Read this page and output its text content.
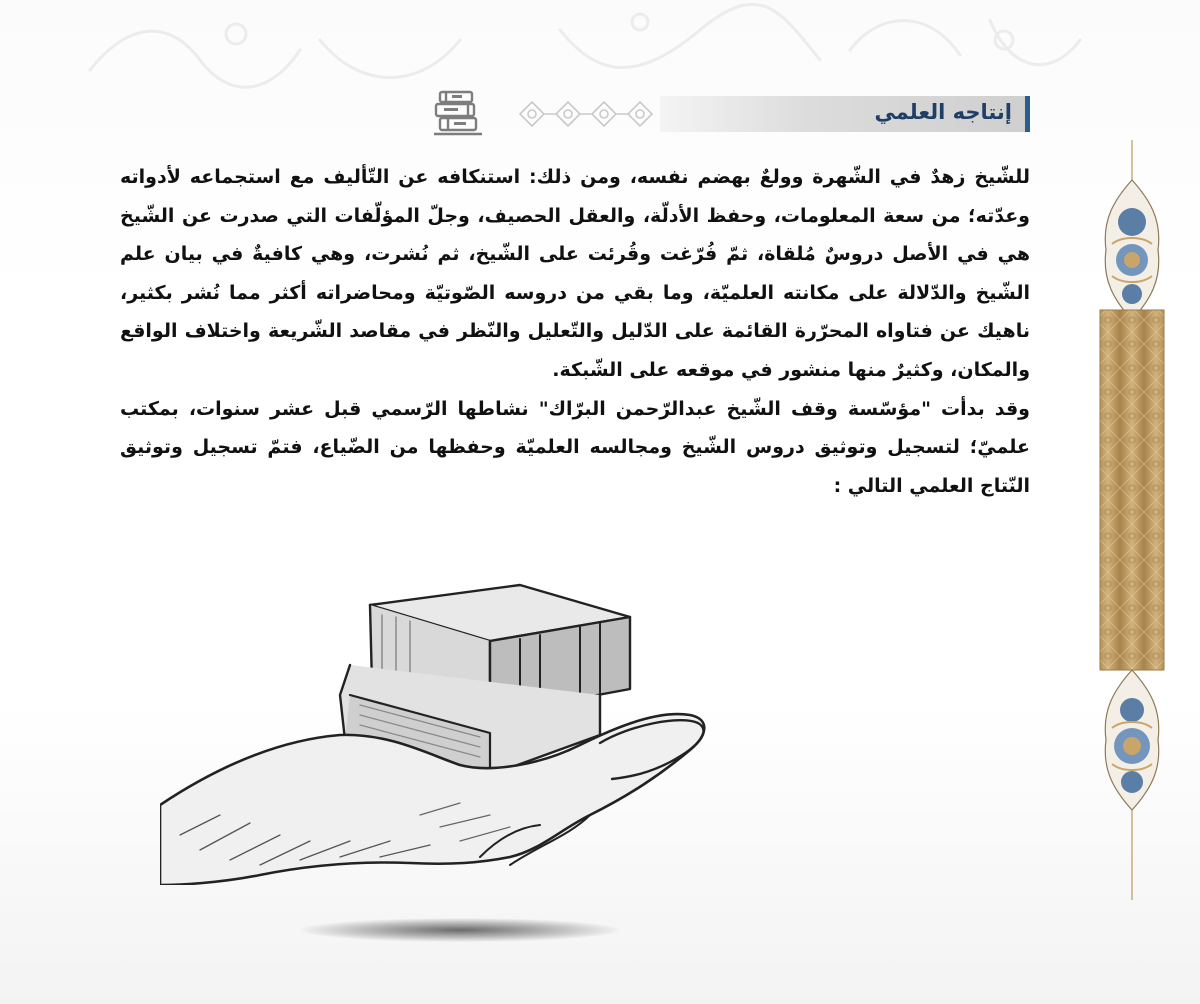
إنتاجه العلمي

للشّيخ زهدٌ في الشّهرة وولعٌ بهضم نفسه، ومن ذلك: استنكافه عن التّأليف مع استجماعه لأدواته وعدّته؛ من سعة المعلومات، وحفظ الأدلّة، والعقل الحصيف، وجلّ المؤلّفات التي صدرت عن الشّيخ هي في الأصل دروسٌ مُلقاة، ثمّ فُرّغت وقُرئت على الشّيخ، ثم نُشرت، وهي كافيةٌ في بيان علم الشّيخ والدّلالة على مكانته العلميّة، وما بقي من دروسه الصّوتيّة ومحاضراته أكثر مما نُشر بكثير، ناهيك عن فتاواه المحرّرة القائمة على الدّليل والتّعليل والنّظر في مقاصد الشّريعة واختلاف الواقع والمكان، وكثيرٌ منها منشور في موقعه على الشّبكة.

وقد بدأت "مؤسّسة وقف الشّيخ عبدالرّحمن البرّاك" نشاطها الرّسمي قبل عشر سنوات، بمكتب علميّ؛ لتسجيل وتوثيق دروس الشّيخ ومجالسه العلميّة وحفظها من الضّياع، فتمّ تسجيل وتوثيق النّتاج العلمي التالي :
